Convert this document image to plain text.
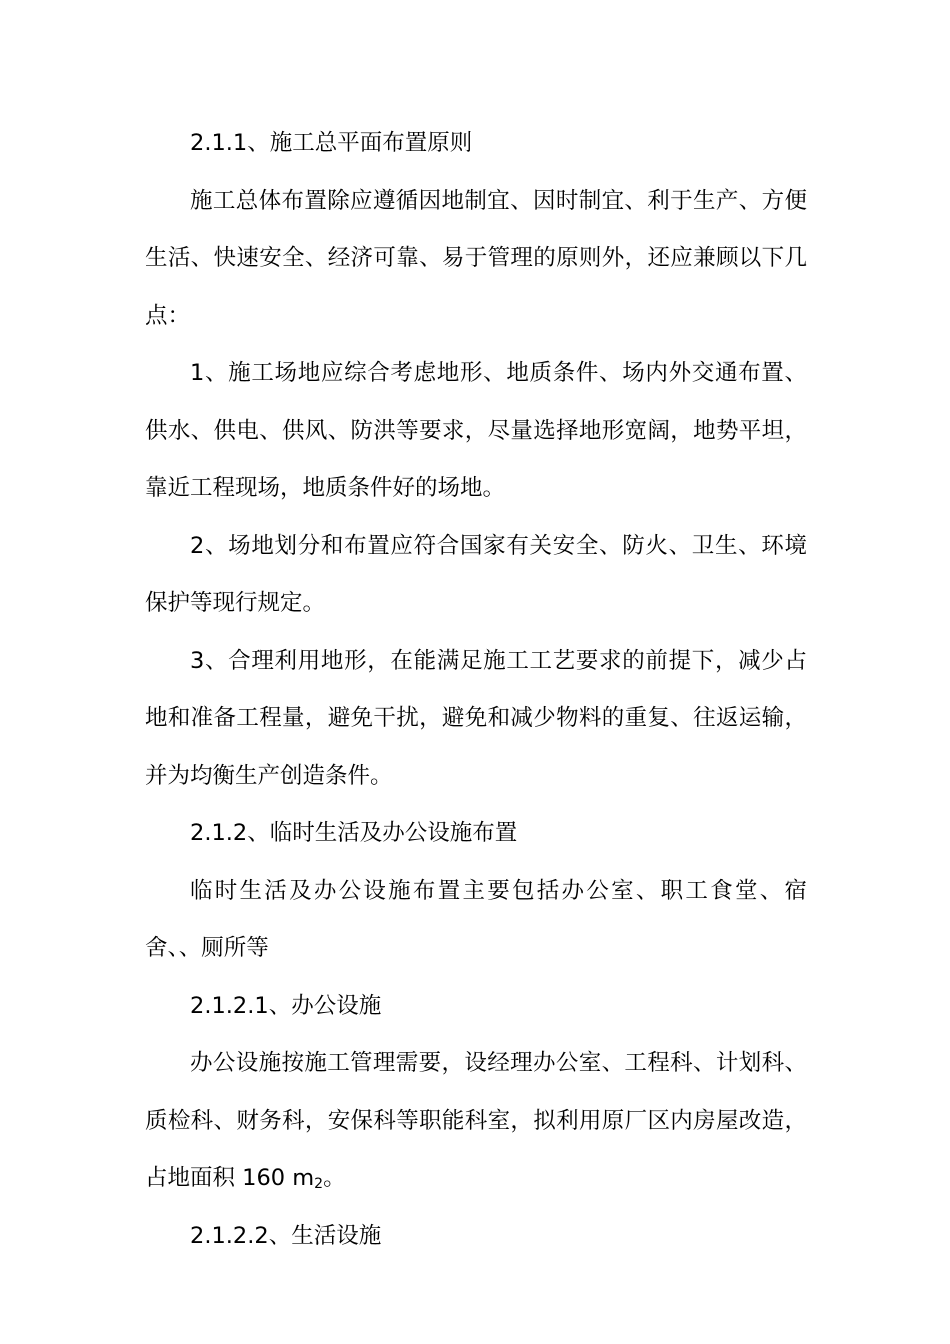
2.1.1、施工总平面布置原则

施工总体布置除应遵循因地制宜、因时制宜、利于生产、方便生活、快速安全、经济可靠、易于管理的原则外，还应兼顾以下几点：

1、施工场地应综合考虑地形、地质条件、场内外交通布置、供水、供电、供风、防洪等要求，尽量选择地形宽阔，地势平坦，靠近工程现场，地质条件好的场地。

2、场地划分和布置应符合国家有关安全、防火、卫生、环境保护等现行规定。

3、合理利用地形，在能满足施工工艺要求的前提下，减少占地和准备工程量，避免干扰，避免和减少物料的重复、往返运输，并为均衡生产创造条件。

2.1.2、临时生活及办公设施布置

临时生活及办公设施布置主要包括办公室、职工食堂、宿舍、、厕所等

2.1.2.1、办公设施

办公设施按施工管理需要，设经理办公室、工程科、计划科、质检科、财务科，安保科等职能科室，拟利用原厂区内房屋改造，占地面积 160 $m_2$。

2.1.2.2、生活设施
